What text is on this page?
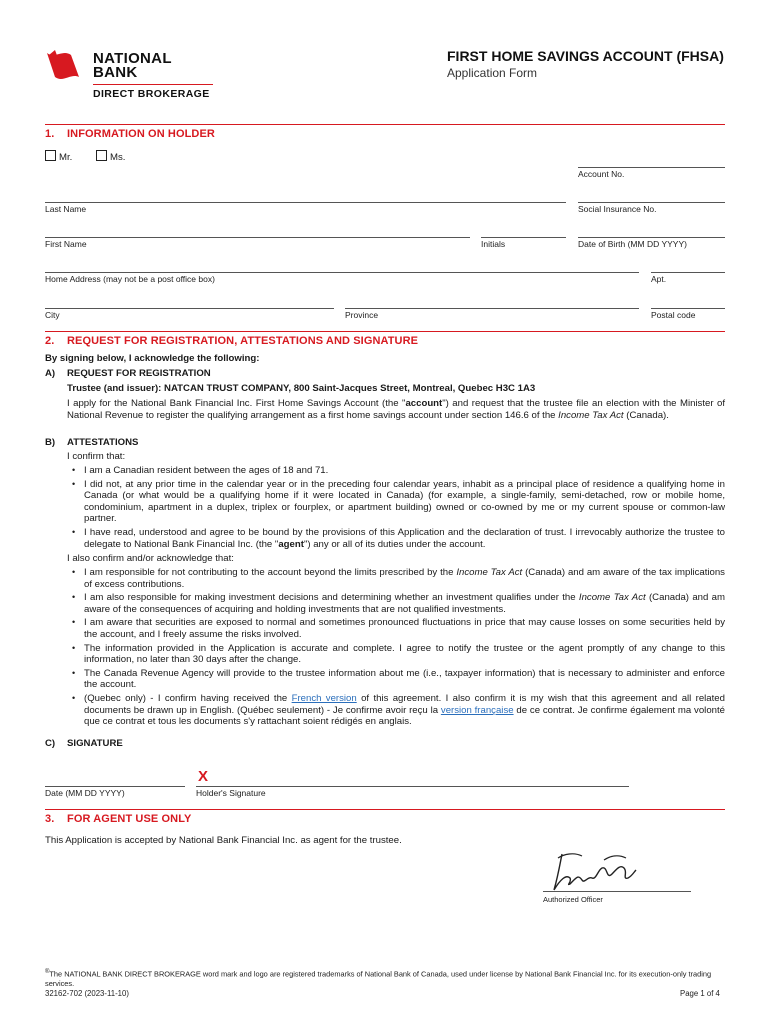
NATIONAL
BANK
DIRECT BROKERAGE
FIRST HOME SAVINGS ACCOUNT (FHSA)
Application Form
1.    INFORMATION ON HOLDER
Mr.	Ms.
Account No.
Last Name	Social Insurance No.
First Name	Initials	Date of Birth (MM DD YYYY)
Home Address (may not be a post office box)	Apt.
City	Province	Postal code
2.    REQUEST FOR REGISTRATION, ATTESTATIONS AND SIGNATURE
By signing below, I acknowledge the following:
A) REQUEST FOR REGISTRATION
Trustee (and issuer): NATCAN TRUST COMPANY, 800 Saint-Jacques Street, Montreal, Quebec H3C 1A3
I apply for the National Bank Financial Inc. First Home Savings Account (the "account") and request that the trustee file an election with the Minister of National Revenue to register the qualifying arrangement as a first home savings account under section 146.6 of the Income Tax Act (Canada).
B) ATTESTATIONS
I confirm that:
• I am a Canadian resident between the ages of 18 and 71.
• I did not, at any prior time in the calendar year or in the preceding four calendar years, inhabit as a principal place of residence a qualifying home in Canada (or what would be a qualifying home if it were located in Canada) (for example, a single-family, semi-detached, row or mobile home, condominium, apartment in a duplex, triplex or fourplex, or apartment building) owned or co-owned by me or my current spouse or common-law partner.
• I have read, understood and agree to be bound by the provisions of this Application and the declaration of trust. I irrevocably authorize the trustee to delegate to National Bank Financial Inc. (the "agent") any or all of its duties under the account.
I also confirm and/or acknowledge that:
• I am responsible for not contributing to the account beyond the limits prescribed by the Income Tax Act (Canada) and am aware of the tax implications of excess contributions.
• I am also responsible for making investment decisions and determining whether an investment qualifies under the Income Tax Act (Canada) and am aware of the consequences of acquiring and holding investments that are not qualified investments.
• I am aware that securities are exposed to normal and sometimes pronounced fluctuations in price that may cause losses on some securities held by the account, and I freely assume the risks involved.
• The information provided in the Application is accurate and complete. I agree to notify the trustee or the agent promptly of any change to this information, no later than 30 days after the change.
• The Canada Revenue Agency will provide to the trustee information about me (i.e., taxpayer information) that is necessary to administer and enforce the account.
• (Quebec only) - I confirm having received the French version of this agreement. I also confirm it is my wish that this agreement and all related documents be drawn up in English. (Québec seulement) - Je confirme avoir reçu la version française de ce contrat. Je confirme également ma volonté que ce contrat et tous les documents s'y rattachant soient rédigés en anglais.
C) SIGNATURE
X
Date (MM DD YYYY)	Holder's Signature
3.    FOR AGENT USE ONLY
This Application is accepted by National Bank Financial Inc. as agent for the trustee.
Authorized Officer
®The NATIONAL BANK DIRECT BROKERAGE word mark and logo are registered trademarks of National Bank of Canada, used under license by National Bank Financial Inc. for its execution-only trading services.
32162-702 (2023-11-10)	Page 1 of 4
